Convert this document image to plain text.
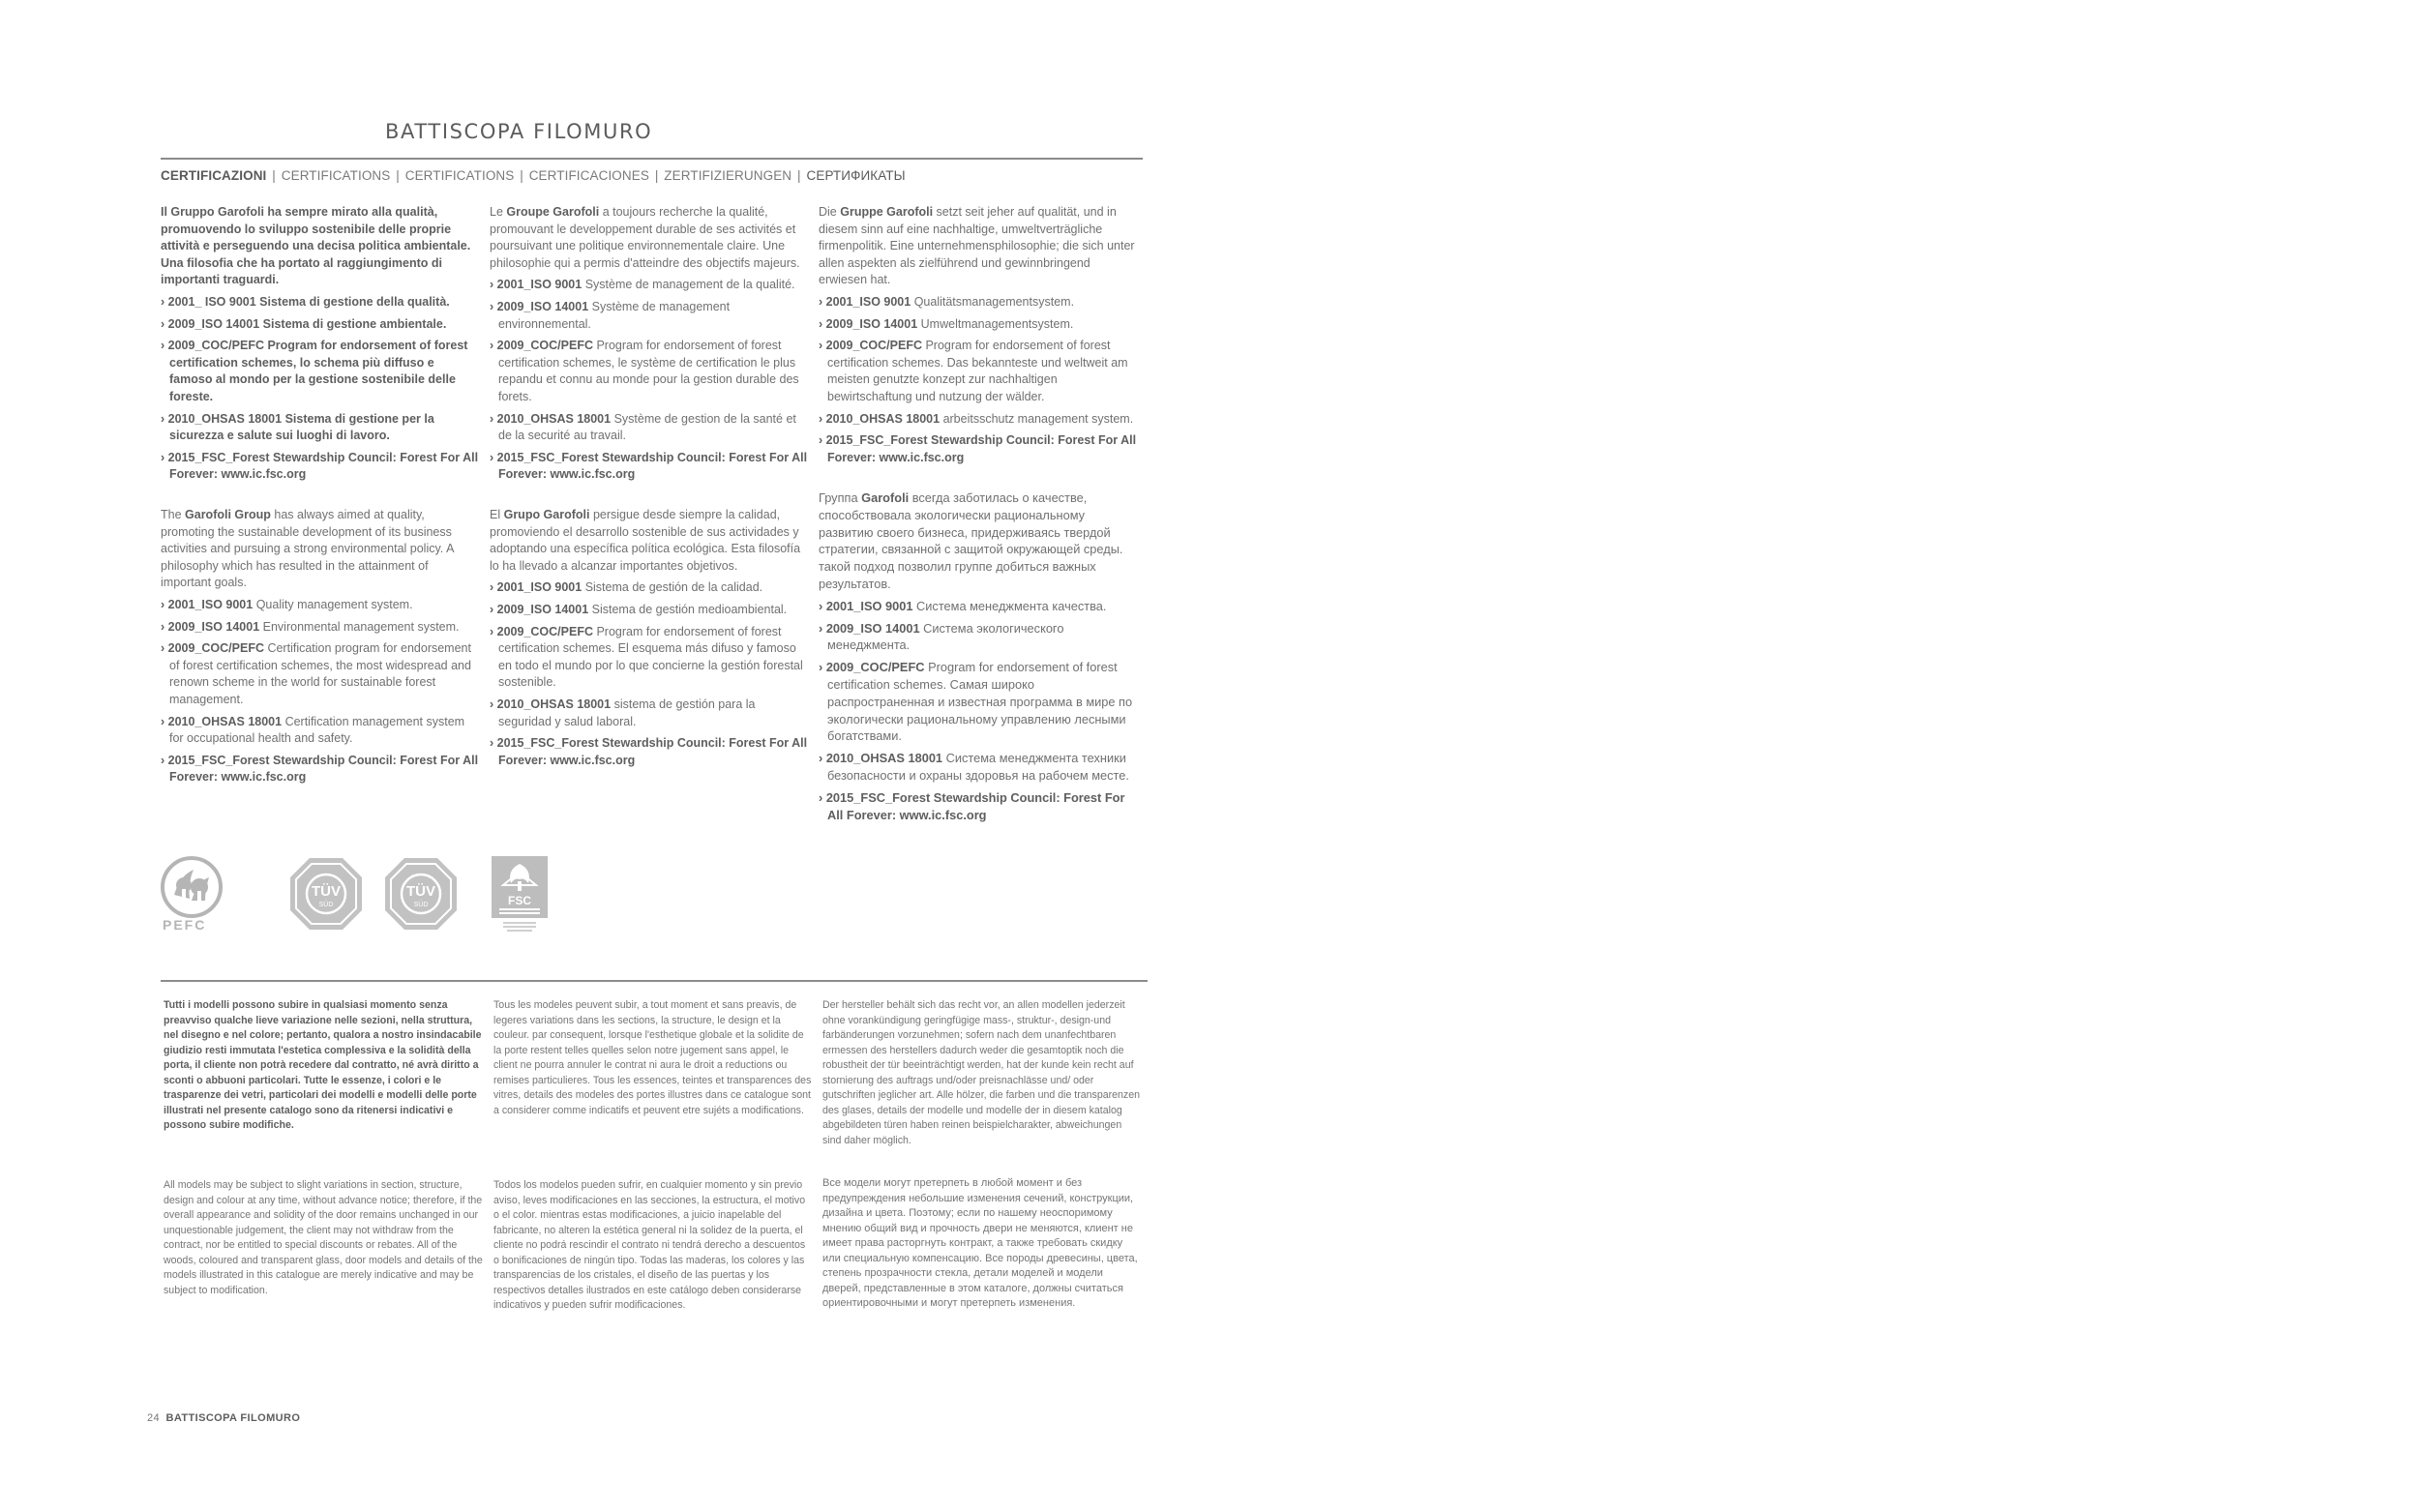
BATTISCOPA FILOMURO
CERTIFICAZIONI | CERTIFICATIONS | CERTIFICATIONS | CERTIFICACIONES | ZERTIFIZIERUNGEN | СЕРТИФИКАТЫ

Il Gruppo Garofoli ha sempre mirato alla qualità, promuovendo lo sviluppo sostenibile delle proprie attività e perseguendo una decisa politica ambientale. Una filosofia che ha portato al raggiungimento di importanti traguardi.

› 2001_ ISO 9001 Sistema di gestione della qualità.
› 2009_ISO 14001 Sistema di gestione ambientale.
› 2009_COC/PEFC Program for endorsement of forest certification schemes, lo schema più diffuso e famoso al mondo per la gestione sostenibile delle foreste.
› 2010_OHSAS 18001 Sistema di gestione per la sicurezza e salute sui luoghi di lavoro.
› 2015_FSC_Forest Stewardship Council: Forest For All Forever: www.ic.fsc.org

Le Groupe Garofoli a toujours recherche la qualité, promouvant le developpement durable de ses activités et poursuivant une politique environnementale claire. Une philosophie qui a permis d'atteindre des objectifs majeurs.

› 2001_ISO 9001 Système de management de la qualité.
› 2009_ISO 14001 Système de management environnemental.
› 2009_COC/PEFC Program for endorsement of forest certification schemes, le système de certification le plus repandu et connu au monde pour la gestion durable des forets.
› 2010_OHSAS 18001 Système de gestion de la santé et de la securité au travail.
› 2015_FSC_Forest Stewardship Council: Forest For All Forever: www.ic.fsc.org

Die Gruppe Garofoli setzt seit jeher auf qualität, und in diesem sinn auf eine nachhaltige, umweltverträgliche firmenpolitik. Eine unternehmensphilosophie; die sich unter allen aspekten als zielführend und gewinnbringend erwiesen hat.

› 2001_ISO 9001 Qualitätsmanagementsystem.
› 2009_ISO 14001 Umweltmanagementsystem.
› 2009_COC/PEFC Program for endorsement of forest certification schemes. Das bekannteste und weltweit am meisten genutzte konzept zur nachhaltigen bewirtschaftung und nutzung der wälder.
› 2010_OHSAS 18001 arbeitsschutz management system.
› 2015_FSC_Forest Stewardship Council: Forest For All Forever: www.ic.fsc.org

The Garofoli Group has always aimed at quality, promoting the sustainable development of its business activities and pursuing a strong environmental policy. A philosophy which has resulted in the attainment of important goals.

› 2001_ISO 9001 Quality management system.
› 2009_ISO 14001 Environmental management system.
› 2009_COC/PEFC Certification program for endorsement of forest certification schemes, the most widespread and renown scheme in the world for sustainable forest management.
› 2010_OHSAS 18001 Certification management system for occupational health and safety.
› 2015_FSC_Forest Stewardship Council: Forest For All Forever: www.ic.fsc.org

El Grupo Garofoli persigue desde siempre la calidad, promoviendo el desarrollo sostenible de sus actividades y adoptando una específica política ecológica. Esta filosofía lo ha llevado a alcanzar importantes objetivos.

› 2001_ISO 9001 Sistema de gestión de la calidad.
› 2009_ISO 14001 Sistema de gestión medioambiental.
› 2009_COC/PEFC Program for endorsement of forest certification schemes. El esquema más difuso y famoso en todo el mundo por lo que concierne la gestión forestal sostenible.
› 2010_OHSAS 18001 sistema de gestión para la seguridad y salud laboral.
› 2015_FSC_Forest Stewardship Council: Forest For All Forever: www.ic.fsc.org

Группа Garofoli всегда заботилась о качестве, способствовала экологически рациональному развитию своего бизнеса, придерживаясь твердой стратегии, связанной с защитой окружающей среды. такой подход позволил группе добиться важных результатов.

› 2001_ISO 9001 Система менеджмента качества.
› 2009_ISO 14001 Система экологического менеджмента.
› 2009_COC/PEFC Program for endorsement of forest certification schemes. Самая широко распространенная и известная программа в мире по экологически рациональному управлению лесными богатствами.
› 2010_OHSAS 18001 Система менеджмента техники безопасности и охраны здоровья на рабочем месте.
› 2015_FSC_Forest Stewardship Council: Forest For All Forever: www.ic.fsc.org
PEFC
TÜV
SÜD
TÜV
SÜD	FSC
Tutti i modelli possono subire in qualsiasi momento senza preavviso qualche lieve variazione nelle sezioni, nella struttura, nel disegno e nel colore; pertanto, qualora a nostro insindacabile giudizio resti immutata l'estetica complessiva e la solidità della porta, il cliente non potrà recedere dal contratto, né avrà diritto a sconti o abbuoni particolari. Tutte le essenze, i colori e le trasparenze dei vetri, particolari dei modelli e modelli delle porte illustrati nel presente catalogo sono da ritenersi indicativi e possono subire modifiche.
Tous les modeles peuvent subir, a tout moment et sans preavis, de legeres variations dans les sections, la structure, le design et la couleur. par consequent, lorsque l'esthetique globale et la solidite de la porte restent telles quelles selon notre jugement sans appel, le client ne pourra annuler le contrat ni aura le droit a reductions ou remises particulieres. Tous les essences, teintes et transparences des vitres, details des modeles des portes illustres dans ce catalogue sont a considerer comme indicatifs et peuvent etre sujéts a modifications.
Der hersteller behält sich das recht vor, an allen modellen jederzeit ohne vorankündigung geringfügige mass-, struktur-, design-und farbänderungen vorzunehmen; sofern nach dem unanfechtbaren ermessen des herstellers dadurch weder die gesamtoptik noch die robustheit der tür beeinträchtigt werden, hat der kunde kein recht auf stornierung des auftrags und/oder preisnachlässe und/ oder gutschriften jeglicher art. Alle hölzer, die farben und die transparenzen des glases, details der modelle und modelle der in diesem katalog abgebildeten türen haben reinen beispielcharakter, abweichungen sind daher möglich.
All models may be subject to slight variations in section, structure, design and colour at any time, without advance notice; therefore, if the overall appearance and solidity of the door remains unchanged in our unquestionable judgement, the client may not withdraw from the contract, nor be entitled to special discounts or rebates. All of the woods, coloured and transparent glass, door models and details of the models illustrated in this catalogue are merely indicative and may be subject to modification.
Todos los modelos pueden sufrir, en cualquier momento y sin previo aviso, leves modificaciones en las secciones, la estructura, el motivo o el color. mientras estas modificaciones, a juicio inapelable del fabricante, no alteren la estética general ni la solidez de la puerta, el cliente no podrá rescindir el contrato ni tendrá derecho a descuentos o bonificaciones de ningún tipo. Todas las maderas, los colores y las transparencias de los cristales, el diseño de las puertas y los respectivos detalles ilustrados en este catálogo deben considerarse indicativos y pueden sufrir modificaciones.
Все модели могут претерпеть в любой момент и без предупреждения небольшие изменения сечений, конструкции, дизайна и цвета. Поэтому; если по нашему неоспоримому мнению общий вид и прочность двери не меняются, клиент не имеет права расторгнуть контракт, а также требовать скидку или специальную компенсацию. Все породы древесины, цвета, степень прозрачности стекла, детали моделей и модели дверей, представленные в этом каталоге, должны считаться ориентировочными и могут претерпеть изменения.
24 BATTISCOPA FILOMURO
